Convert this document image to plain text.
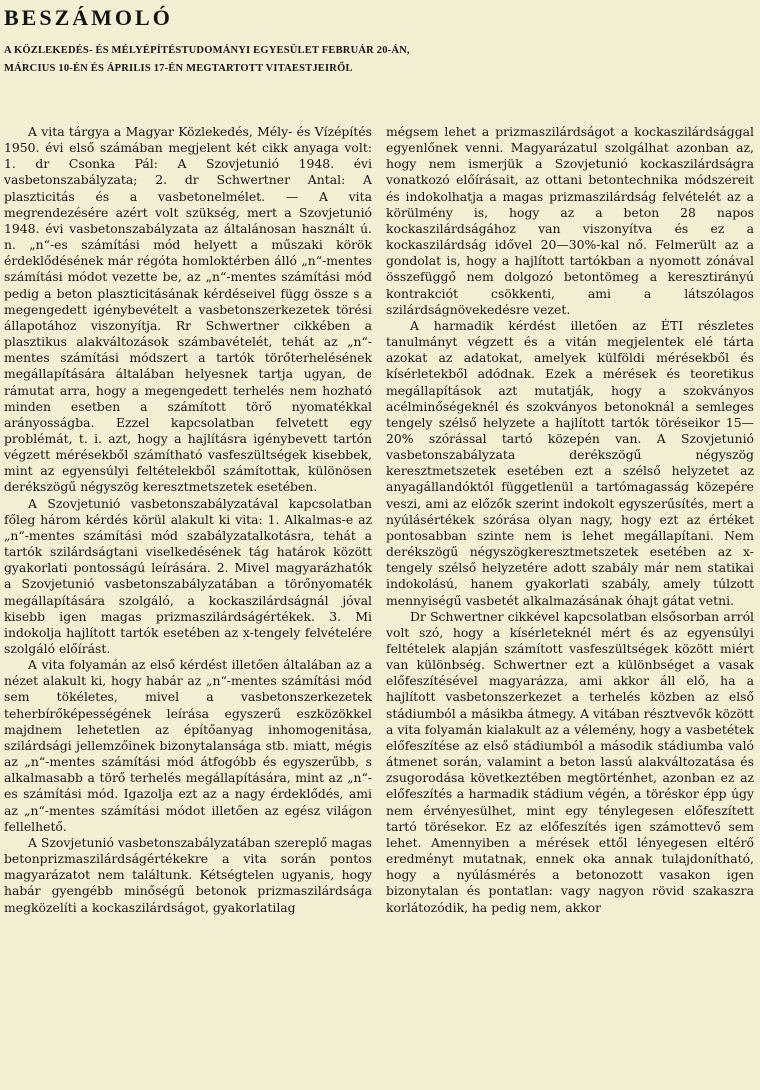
BESZÁMOLÓ
A KÖZLEKEDÉS- ÉS MÉLYÉPÍTÉSTUDOMÁNYI EGYESÜLET FEBRUÁR 20-ÁN,
MÁRCIUS 10-ÉN ÉS ÁPRILIS 17-ÉN MEGTARTOTT VITAESTJEIRŐL

A vita tárgya a Magyar Közlekedés, Mély- és Vízépítés 1950. évi első számában megjelent két cikk anyaga volt: 1. dr Csonka Pál: A Szovjetunió 1948. évi vasbetonszabályzata; 2. dr Schwertner Antal: A plaszticitás és a vasbetonelmélet. — A vita megrendezésére azért volt szükség, mert a Szovjetunió 1948. évi vasbetonszabályzata az általánosan használt ú. n. „n“-es számítási mód helyett a műszaki körök érdeklődésének már régóta homloktérben álló „n“-mentes számítási módot vezette be, az „n“-mentes számítási mód pedig a beton plaszticitásának kérdéseivel függ össze s a megengedett igénybevételt a vasbetonszerkezetek törési állapotához viszonyítja. Rr Schwertner cikkében a plasztikus alakváltozások számbavételét, tehát az „n“-mentes számítási módszert a tartók törőterhelésének megállapítására általában helyesnek tartja ugyan, de rámutat arra, hogy a megengedett terhelés nem hozható minden esetben a számított törő nyomatékkal arányosságba. Ezzel kapcsolatban felvetett egy problémát, t. i. azt, hogy a hajlításra igénybevett tartón végzett mérésekből számítható vasfeszültségek kisebbek, mint az egyensúlyi feltételekből számítottak, különösen derékszögű négyszög keresztmetszetek esetében.

A Szovjetunió vasbetonszabályzatával kapcsolatban főleg három kérdés körül alakult ki vita: 1. Alkalmas-e az „n“-mentes számítási mód szabályzatalkotásra, tehát a tartók szilárdságtani viselkedésének tág határok között gyakorlati pontosságú leírására. 2. Mivel magyarázhatók a Szovjetunió vasbetonszabályzatában a törőnyomaték megállapítására szolgáló, a kockaszilárdságnál jóval kisebb igen magas prizmaszilárdságértékek. 3. Mi indokolja hajlított tartók esetében az x-tengely felvételére szolgáló előírást.

A vita folyamán az első kérdést illetően általában az a nézet alakult ki, hogy habár az „n“-mentes számítási mód sem tökéletes, mivel a vasbetonszerkezetek teherbírőképességének leírása egyszerű eszközökkel majdnem lehetetlen az építőanyag inhomogenitása, szilárdsági jellemzőinek bizonytalansága stb. miatt, mégis az „n“-mentes számítási mód átfogóbb és egyszerűbb, s alkalmasabb a törő terhelés megállapítására, mint az „n“-es számítási mód. Igazolja ezt az a nagy érdeklődés, ami az „n“-mentes számítási módot illetően az egész világon fellelhető.

A Szovjetunió vasbetonszabályzatában szereplő magas betonprizmaszilárdságértékekre a vita során pontos magyarázatot nem találtunk. Kétségtelen ugyanis, hogy habár gyengébb minőségű betonok prizmaszilárdsága megközelíti a kockaszilárdságot, gyakorlatilag

mégsem lehet a prizmaszilárdságot a kockaszilárdsággal egyenlőnek venni. Magyarázatul szolgálhat azonban az, hogy nem ismerjük a Szovjetunió kockaszilárdságra vonatkozó előírásait, az ottani betontechnika módszereit és indokolhatja a magas prizmaszilárdság felvételét az a körülmény is, hogy az a beton 28 napos kockaszilárdságához van viszonyítva és ez a kockaszilárdság idővel 20—30%-kal nő. Felmerült az a gondolat is, hogy a hajlított tartókban a nyomott zónával összefüggő nem dolgozó betontömeg a keresztirányú kontrakciót csökkenti, ami a látszólagos szilárdságnövekedésre vezet.

A harmadik kérdést illetően az ÉTI részletes tanulmányt végzett és a vitán megjelentek elé tárta azokat az adatokat, amelyek külföldi mérésekből és kísérletekből adódnak. Ezek a mérések és teoretikus megállapítások azt mutatják, hogy a szokványos acélminőségeknél és szokványos betonoknál a semleges tengely szélső helyzete a hajlított tartók töréseikor 15—20% szórással tartó közepén van. A Szovjetunió vasbetonszabályzata derékszögű négyszög keresztmetszetek esetében ezt a szélső helyzetet az anyagállandóktól függetlenül a tartómagasság közepére veszi, ami az előzők szerint indokolt egyszerűsítés, mert a nyúlásértékek szórása olyan nagy, hogy ezt az értéket pontosabban szinte nem is lehet megállapítani. Nem derékszögű négyszögkeresztmetszetek esetében az x-tengely szélső helyzetére adott szabály már nem statikai indokolású, hanem gyakorlati szabály, amely túlzott mennyiségű vasbetét alkalmazásának óhajt gátat vetni.

Dr Schwertner cikkével kapcsolatban elsősorban arról volt szó, hogy a kísérleteknél mért és az egyensúlyi feltételek alapján számított vasfeszültségek között miért van különbség. Schwertner ezt a különbséget a vasak előfeszítésével magyarázza, ami akkor áll elő, ha a hajlított vasbetonszerkezet a terhelés közben az első stádiumból a másikba átmegy. A vitában résztvevők között a vita folyamán kialakult az a vélemény, hogy a vasbetétek előfeszítése az első stádiumból a második stádiumba való átmenet során, valamint a beton lassú alakváltozatása és zsugorodása következtében megtörténhet, azonban ez az előfeszítés a harmadik stádium végén, a töréskor épp úgy nem érvényesülhet, mint egy ténylegesen előfeszített tartó törésekor. Ez az előfeszítés igen számottevő sem lehet. Amennyiben a mérések ettől lényegesen eltérő eredményt mutatnak, ennek oka annak tulajdonítható, hogy a nyúlásmérés a betonozott vasakon igen bizonytalan és pontatlan: vagy nagyon rövid szakaszra korlátozódik, ha pedig nem, akkor
